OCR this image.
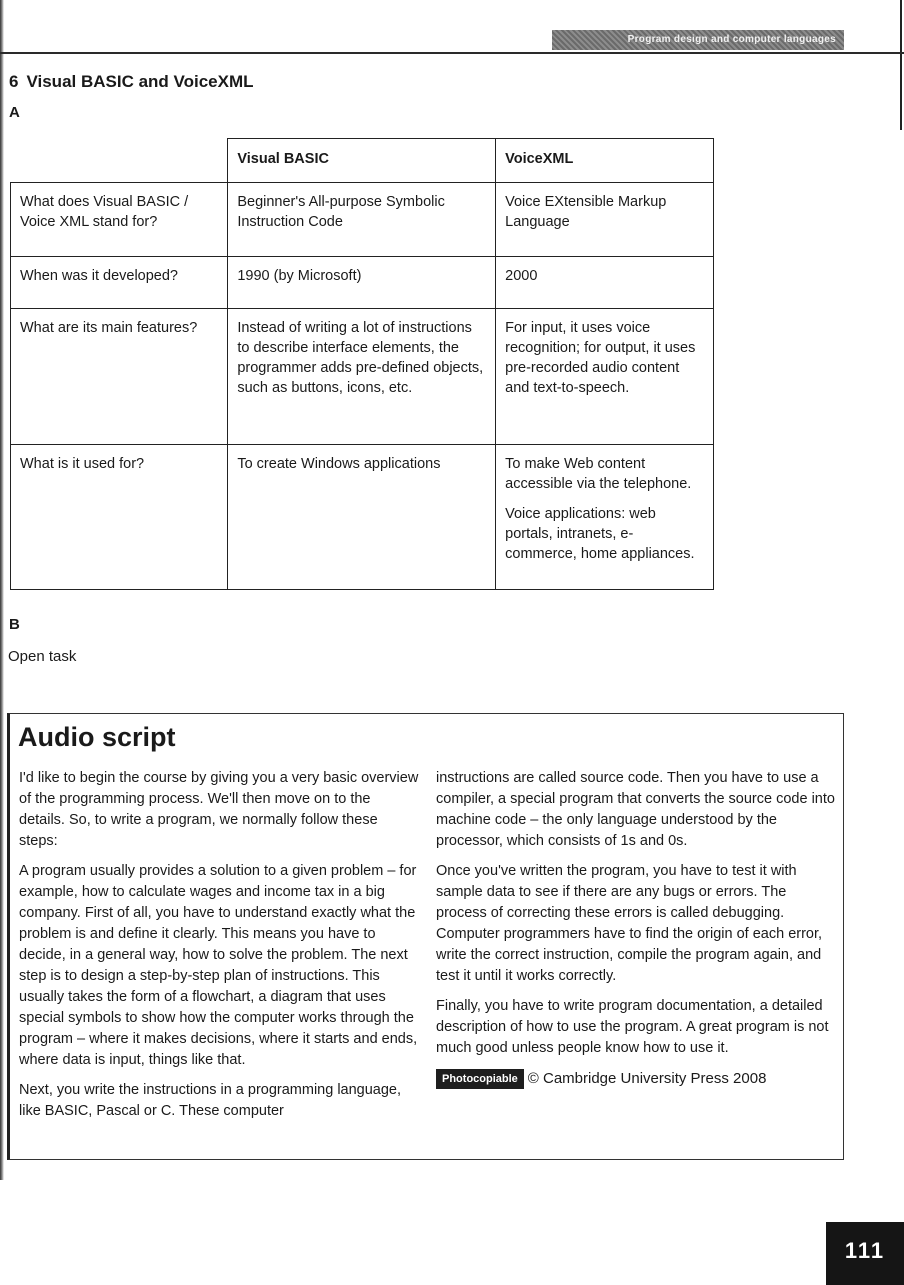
Program design and computer languages
6 Visual BASIC and VoiceXML
A
	Visual BASIC	VoiceXML
What does Visual BASIC / Voice XML stand for?	Beginner's All-purpose Symbolic Instruction Code	Voice EXtensible Markup Language
When was it developed?	1990 (by Microsoft)	2000
What are its main features?	Instead of writing a lot of instructions to describe interface elements, the programmer adds pre-defined objects, such as buttons, icons, etc.	For input, it uses voice recognition; for output, it uses pre-recorded audio content and text-to-speech.
What is it used for?	To create Windows applications	To make Web content accessible via the telephone.
Voice applications: web portals, intranets, e-commerce, home appliances.
B
Open task
Audio script

I'd like to begin the course by giving you a very basic overview of the programming process. We'll then move on to the details. So, to write a program, we normally follow these steps:

A program usually provides a solution to a given problem – for example, how to calculate wages and income tax in a big company. First of all, you have to understand exactly what the problem is and define it clearly. This means you have to decide, in a general way, how to solve the problem. The next step is to design a step-by-step plan of instructions. This usually takes the form of a flowchart, a diagram that uses special symbols to show how the computer works through the program – where it makes decisions, where it starts and ends, where data is input, things like that.

Next, you write the instructions in a programming language, like BASIC, Pascal or C. These computer

instructions are called source code. Then you have to use a compiler, a special program that converts the source code into machine code – the only language understood by the processor, which consists of 1s and 0s.

Once you've written the program, you have to test it with sample data to see if there are any bugs or errors. The process of correcting these errors is called debugging. Computer programmers have to find the origin of each error, write the correct instruction, compile the program again, and test it until it works correctly.

Finally, you have to write program documentation, a detailed description of how to use the program. A great program is not much good unless people know how to use it.

Photocopiable © Cambridge University Press 2008
111
